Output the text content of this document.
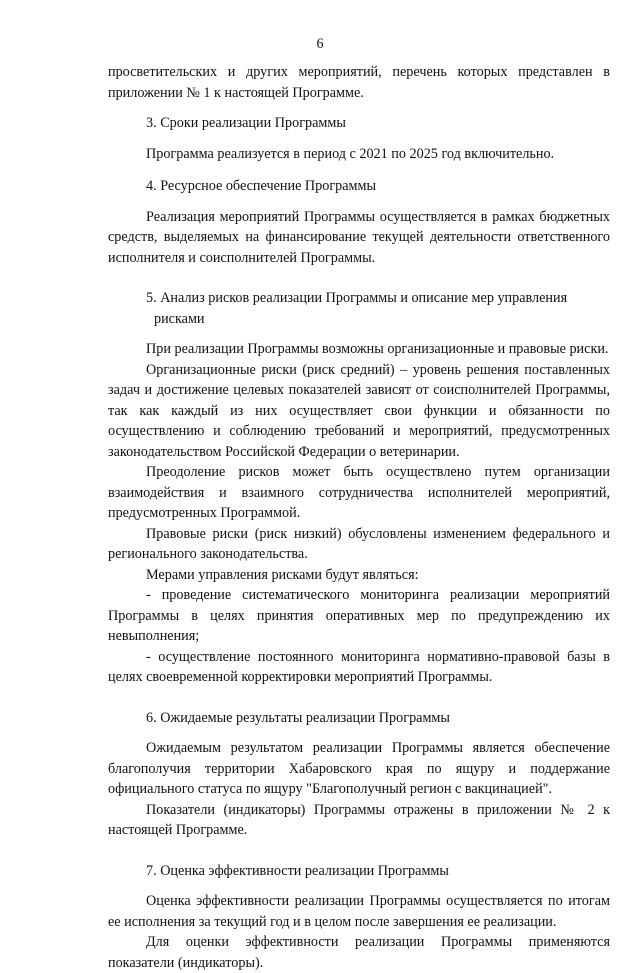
6

просветительских и других мероприятий, перечень которых представлен в приложении № 1 к настоящей Программе.

3. Сроки реализации Программы

Программа реализуется в период с 2021 по 2025 год включительно.

4. Ресурсное обеспечение Программы

Реализация мероприятий Программы осуществляется в рамках бюджетных средств, выделяемых на финансирование текущей деятельности ответственного исполнителя и соисполнителей Программы.

5. Анализ рисков реализации Программы и описание мер управления
рисками

При реализации Программы возможны организационные и правовые риски.

Организационные риски (риск средний) – уровень решения поставленных задач и достижение целевых показателей зависят от соисполнителей Программы, так как каждый из них осуществляет свои функции и обязанности по осуществлению и соблюдению требований и мероприятий, предусмотренных законодательством Российской Федерации о ветеринарии.

Преодоление рисков может быть осуществлено путем организации взаимодействия и взаимного сотрудничества исполнителей мероприятий, предусмотренных Программой.

Правовые риски (риск низкий) обусловлены изменением федерального и регионального законодательства.

Мерами управления рисками будут являться:

- проведение систематического мониторинга реализации мероприятий Программы в целях принятия оперативных мер по предупреждению их невыполнения;

- осуществление постоянного мониторинга нормативно-правовой базы в целях своевременной корректировки мероприятий Программы.

6. Ожидаемые результаты реализации Программы

Ожидаемым результатом реализации Программы является обеспечение благополучия территории Хабаровского края по ящуру и поддержание официального статуса по ящуру "Благополучный регион с вакцинацией".

Показатели (индикаторы) Программы отражены в приложении № 2 к настоящей Программе.

7. Оценка эффективности реализации Программы

Оценка эффективности реализации Программы осуществляется по итогам ее исполнения за текущий год и в целом после завершения ее реализации.

Для оценки эффективности реализации Программы применяются показатели (индикаторы).
